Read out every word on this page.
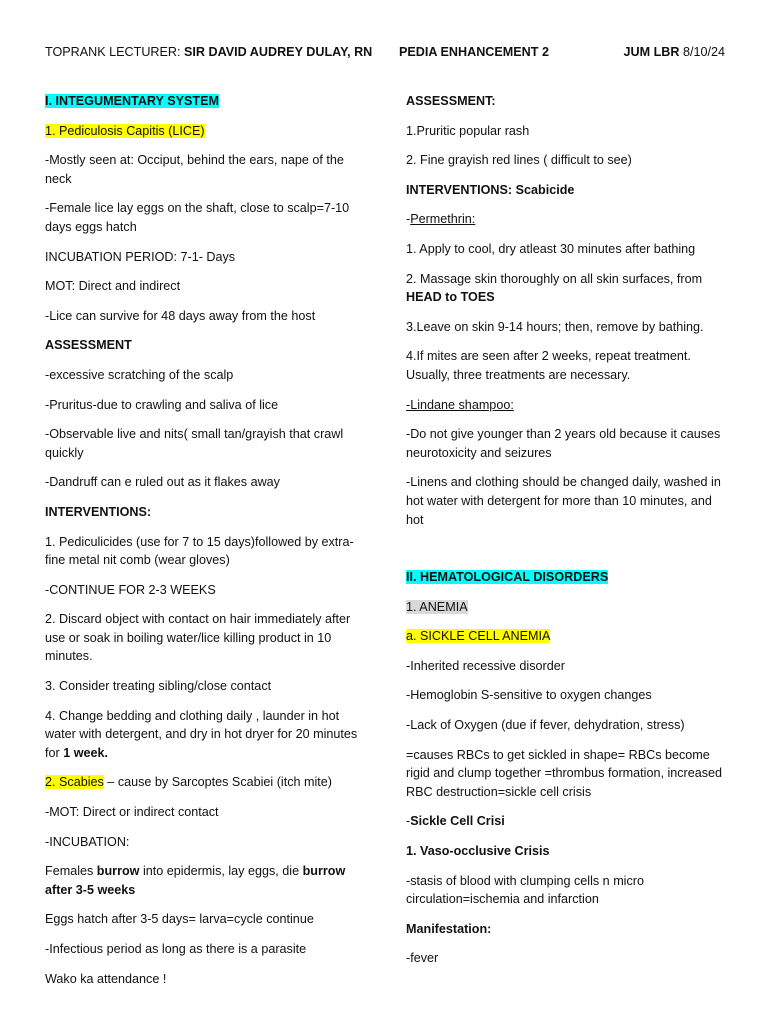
TOPRANK LECTURER: SIR DAVID AUDREY DULAY, RN PEDIA ENHANCEMENT 2	JUM LBR 8/10/24

I. INTEGUMENTARY SYSTEM

1. Pediculosis Capitis (LICE)

-Mostly seen at: Occiput, behind the ears, nape of the neck

-Female lice lay eggs on the shaft, close to scalp=7-10 days eggs hatch

INCUBATION PERIOD: 7-1- Days

MOT: Direct and indirect

-Lice can survive for 48 days away from the host

ASSESSMENT

-excessive scratching of the scalp

-Pruritus-due to crawling and saliva of lice

-Observable live and nits( small tan/grayish that crawl quickly

-Dandruff can e ruled out as it flakes away

INTERVENTIONS:

1. Pediculicides (use for 7 to 15 days)followed by extra-fine metal nit comb (wear gloves)

-CONTINUE FOR 2-3 WEEKS

2. Discard object with contact on hair immediately after use or soak in boiling water/lice killing product in 10 minutes.

3. Consider treating sibling/close contact

4. Change bedding and clothing daily , launder in hot water with detergent, and dry in hot dryer for 20 minutes for 1 week.

2. Scabies – cause by Sarcoptes Scabiei (itch mite)

-MOT: Direct or indirect contact

-INCUBATION:

Females burrow into epidermis, lay eggs, die burrow after 3-5 weeks

Eggs hatch after 3-5 days= larva=cycle continue

-Infectious period as long as there is a parasite

Wako ka attendance !

ASSESSMENT:

1.Pruritic popular rash

2. Fine grayish red lines ( difficult to see)

INTERVENTIONS: Scabicide

-Permethrin:

1. Apply to cool, dry atleast 30 minutes after bathing

2. Massage skin thoroughly on all skin surfaces, from HEAD to TOES

3.Leave on skin 9-14 hours; then, remove by bathing.

4.If mites are seen after 2 weeks, repeat treatment. Usually, three treatments are necessary.

-Lindane shampoo:

-Do not give younger than 2 years old because it causes neurotoxicity and seizures

-Linens and clothing should be changed daily, washed in hot water with detergent for more than 10 minutes, and hot

II. HEMATOLOGICAL DISORDERS

1. ANEMIA

a. SICKLE CELL ANEMIA

-Inherited recessive disorder

-Hemoglobin S-sensitive to oxygen changes

-Lack of Oxygen (due if fever, dehydration, stress)

=causes RBCs to get sickled in shape= RBCs become rigid and clump together =thrombus formation, increased RBC destruction=sickle cell crisis

-Sickle Cell Crisi

1. Vaso-occlusive Crisis

-stasis of blood with clumping cells n micro circulation=ischemia and infarction

Manifestation:

-fever
